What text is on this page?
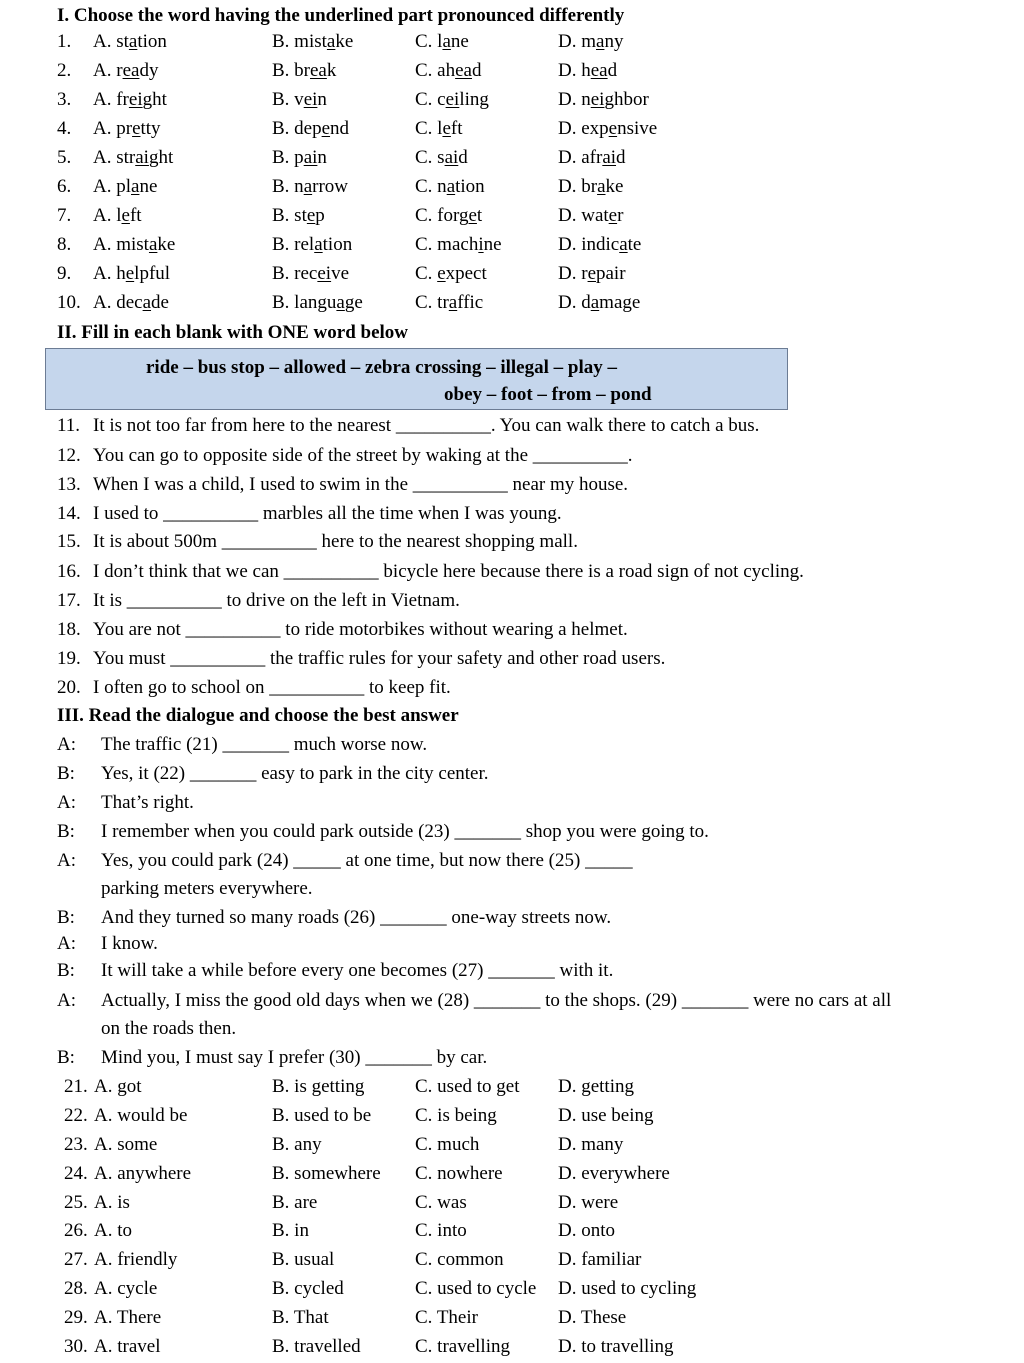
I. Choose the word having the underlined part pronounced differently
1. A. station	B. mistake	C. lane	D. many
2. A. ready	B. break	C. ahead	D. head
3. A. freight	B. vein	C. ceiling	D. neighbor
4. A. pretty	B. depend	C. left	D. expensive
5. A. straight	B. pain	C. said	D. afraid
6. A. plane	B. narrow	C. nation	D. brake
7. A. left	B. step	C. forget	D. water
8. A. mistake	B. relation	C. machine	D. indicate
9. A. helpful	B. receive	C. expect	D. repair
10. A. decade	B. language	C. traffic	D. damage
II. Fill in each blank with ONE word below
ride – bus stop – allowed – zebra crossing – illegal – play –
obey – foot – from – pond
11. It is not too far from here to the nearest __________. You can walk there to catch a bus.
12. You can go to opposite side of the street by waking at the __________.
13. When I was a child, I used to swim in the __________ near my house.
14. I used to __________ marbles all the time when I was young.
15. It is about 500m __________ here to the nearest shopping mall.
16. I don’t think that we can __________ bicycle here because there is a road sign of not cycling.
17. It is __________ to drive on the left in Vietnam.
18. You are not __________ to ride motorbikes without wearing a helmet.
19. You must __________ the traffic rules for your safety and other road users.
20. I often go to school on __________ to keep fit.
III. Read the dialogue and choose the best answer
A: The traffic (21) _______ much worse now.
B: Yes, it (22) _______ easy to park in the city center.
A: That’s right.
B: I remember when you could park outside (23) _______ shop you were going to.
A: Yes, you could park (24) _____ at one time, but now there (25) _____
parking meters everywhere.
B: And they turned so many roads (26) _______ one-way streets now.
A: I know.
B: It will take a while before every one becomes (27) _______ with it.
A: Actually, I miss the good old days when we (28) _______ to the shops. (29) _______ were no cars at all
on the roads then.
B: Mind you, I must say I prefer (30) _______ by car.
21. A. got	B. is getting	C. used to get D. getting
22. A. would be	B. used to be C. is being	D. use being
23. A. some	B. any	C. much	D. many
24. A. anywhere	B. somewhere C. nowhere	D. everywhere
25. A. is	B. are	C. was	D. were
26. A. to	B. in	C. into	D. onto
27. A. friendly	B. usual	C. common	D. familiar
28. A. cycle	B. cycled	C. used to cycle D. used to cycling
29. A. There	B. That	C. Their	D. These
30. A. travel	B. travelled	C. travelling	D. to travelling
